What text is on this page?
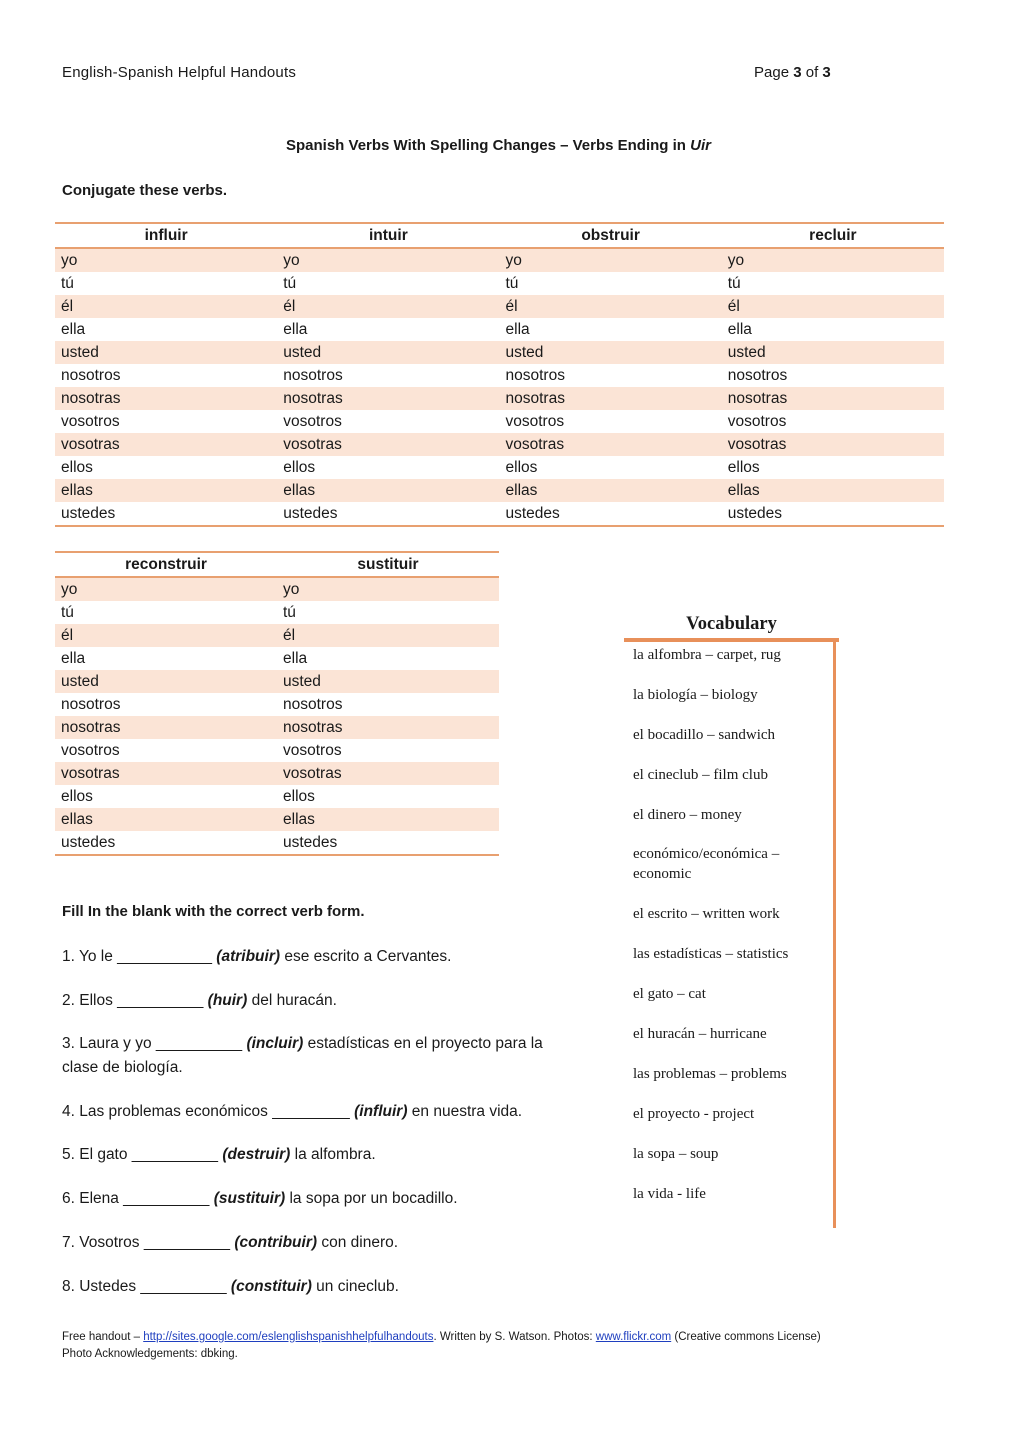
English-Spanish Helpful Handouts	Page 3 of 3
Spanish Verbs With Spelling Changes – Verbs Ending in Uir
Conjugate these verbs.
influir	intuir	obstruir	recluir
yo	yo	yo	yo
tú	tú	tú	tú
él	él	él	él
ella	ella	ella	ella
usted	usted	usted	usted
nosotros	nosotros	nosotros	nosotros
nosotras	nosotras	nosotras	nosotras
vosotros	vosotros	vosotros	vosotros
vosotras	vosotras	vosotras	vosotras
ellos	ellos	ellos	ellos
ellas	ellas	ellas	ellas
ustedes	ustedes	ustedes	ustedes
reconstruir	sustituir
yo	yo
tú	tú
él	él
ella	ella
usted	usted
nosotros	nosotros
nosotras	nosotras
vosotros	vosotros
vosotras	vosotras
ellos	ellos
ellas	ellas
ustedes	ustedes
Vocabulary
la alfombra – carpet, rug
la biología – biology
el bocadillo – sandwich
el cineclub – film club
el dinero – money
económico/económica – economic
el escrito – written work
las estadísticas – statistics
el gato – cat
el huracán – hurricane
las problemas – problems
el proyecto - project
la sopa – soup
la vida - life
Fill In the blank with the correct verb form.
1. Yo le ___________ (atribuir) ese escrito a Cervantes.
2. Ellos __________ (huir) del huracán.
3. Laura y yo __________ (incluir) estadísticas en el proyecto para la clase de biología.
4. Las problemas económicos _________ (influir) en nuestra vida.
5. El gato __________ (destruir) la alfombra.
6. Elena __________ (sustituir) la sopa por un bocadillo.
7. Vosotros __________ (contribuir) con dinero.
8. Ustedes __________ (constituir) un cineclub.
Free handout – http://sites.google.com/eslenglishspanishhelpfulhandouts. Written by S. Watson. Photos: www.flickr.com (Creative commons License)
Photo Acknowledgements: dbking.
